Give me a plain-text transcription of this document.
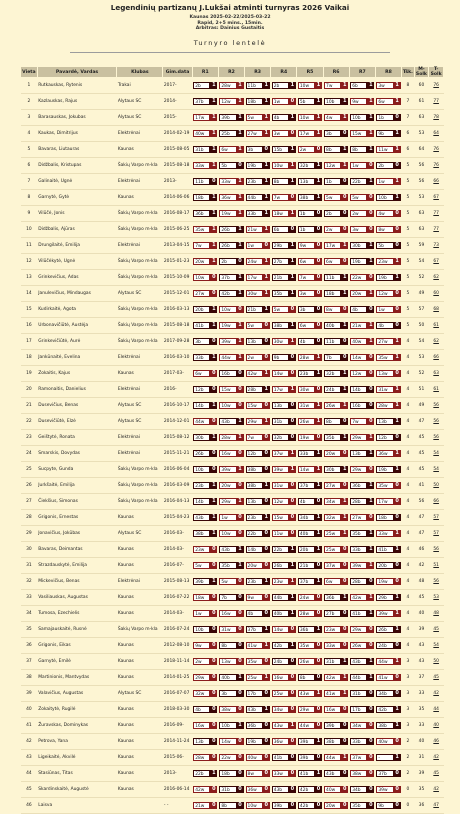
Legendinių partizanų J.Lukšai atminti turnyras 2026 Vaikai
Kaunas 2025-02-22/2025-03-22
Rapid, 2+5 mins., 15min.
Arbitras: Dainius Gustaitis
Turnyro lentelė
Vieta	Pavardė, Vardas	Klubas	Gim.data	R1	R2	R3	R4	R5	R6	R7	R8	Tšk.	M-Solk	T-Solk
1	Rutkauskas, Rytenis	Trakai	2017-	2b 1	28w 1	11b 1	2b 1	10w 1	7w 1	6b 1	3w 1	8	60	76
2	Kazlauskas, Rajus	Alytaus SC	2014-	37b 1	12w 1	18b 1	1w 0	5b 1	10b 1	9w 1	6w 1	7	61	77
3	Barasauskas, Jokubas	Alytaus SC	2015-	17w 1	39b 1	5w 1	4b 1	10w 1	4w 1	10b 1	1b 0	7	63	78
4	Kaukas, Dimitrijus	Elektrėnai	2014-02-19	40w 1	25b 1	27w 1	3w 0	17w 1	3b 0	15w 1	9b 1	6	53	64
5	Bavaras, Liutauras	Kaunas	2015-08-05	31b 1	6w 1	3b 0	15b 1	2w 0	8b 1	8b 1	11w 1	6	64	76
6	Didžbalis, Kristupas	Šakių Varpo m-kla	2015-08-18	33w 1	5b 0	19b 1	10w 1	32b 1	12w 1	1w 0	2b 0	5	56	76
7	Galinaitė, Ugnė	Elektrėnai	2013-	11b 0	33w 1	23b 1	8b 1	13b 1	1b 0	22b 1	1w 1	5	56	66
8	Garnytė, Gytė	Kaunas	2014-06-06	18b 1	36w 1	44b 1	7w 0	38b 1	5w 0	5w 0	10b 1	5	53	67
9	Vilūčė, Jonis	Šakių Varpo m-kla	2016-08-17	36b 1	19w 1	33b 1	18w 1	1b 0	2b 0	2w 0	4w 0	5	63	77
10	Didžbalis, Ajūras	Šakių Varpo m-kla	2015-06-25	35w 1	26b 1	21w 1	6b 0	1b 0	2w 0	3w 0	8w 0	5	63	77
11	Drungilaitė, Emilija	Elektrėnai	2013-04-15	7w 1	26b 1	1w 0	29b 1	9w 0	17w 1	30b 1	5b 0	5	59	73
12	Vilūčėkytė, Ugnė	Šakių Varpo m-kla	2015-01-23	20w 1	2b 0	24w 1	27b 1	6w 0	6w 0	19b 1	23w 1	5	54	67
13	Grinkevičius, Adas	Šakių Varpo m-kla	2015-10-09	10w 0	37b 1	17w 1	21b 1	7w 0	11b 1	22w 0	19b 1	5	52	62
14	Janulevičius, Mindaugas	Alytaus SC	2015-12-01	27w 0	42b 1	30w 1	35b 1	3w 0	18b 1	20w 1	12w 0	5	49	60
15	Kudirkaitė, Agota	Šakių Varpo m-kla	2016-03-13	20b 1	10w 0	21b 1	5w 0	3b 0	8w 0	4b 0	1w 0	5	57	68
16	Urbonavičiūtė, Austėja	Šakių Varpo m-kla	2015-08-18	41b 1	19w 1	5w 0	38b 1	6w 0	40b 1	21w 1	4b 0	5	50	61
17	Grinkevičiūtė, Aurė	Šakių Varpo m-kla	2017-09-28	3b 0	39w 1	13b 0	30w 1	4b 0	11b 0	40w 1	27w 1	4	54	62
18	Jankūnaitė, Evelina	Elektrėnai	2016-03-10	33b 1	44w 1	2w 0	9b 0	28w 1	7b 0	14w 0	35w 1	4	53	66
19	Zokaitis, Kajus	Kaunas	2017-03-	6w 0	16b 0	42w 1	14w 0	23b 1	32b 1	12w 0	13w 0	4	52	63
20	Ramonaitis, Danielius	Elektrėnai	2016-	12b 0	15w 0	28b 1	17w 1	30w 0	24b 1	14b 0	31w 1	4	51	61
21	Dusevičius, Benas	Alytaus SC	2016-10-17	14b 1	10w 0	15w 0	13b 0	31w 1	26w 1	16b 0	28w 1	4	49	56
22	Dusevičiūtė, Elzė	Alytaus SC	2014-12-01	44w 0	43b 1	29w 1	31b 0	26w 1	8b 0	7w 0	13b 1	4	47	56
23	Geištytė, Ronata	Elektrėnai	2015-08-12	30b 1	28w 1	7w 0	32b 0	19w 0	35b 1	29w 1	12b 0	4	45	56
24	Smarskis, Dovydas	Elektrėnai	2015-11-21	26b 0	16w 0	12b 0	37w 1	33b 1	20w 0	13b 1	36w 1	4	45	54
25	Sucpyte, Gunda	Šakių Varpo m-kla	2016-06-04	10b 0	39w 1	38b 0	39w 1	14w 1	30b 1	29w 0	19b 1	4	45	54
26	Jurkšaitė, Emilija	Šakių Varpo m-kla	2016-03-09	23b 1	20w 0	38b 1	31w 0	37b 1	27w 0	36b 1	35w 0	4	41	50
27	Čiekšius, Simonas	Šakių Varpo m-kla	2016-04-13	14b 1	29w 1	13b 0	12w 0	4b 0	34w 1	28b 1	17w 0	4	56	66
28	Grigonis, Ernestas	Kaunas	2015-04-23	43b 1	1w 0	23b 1	15w 0	34b 1	32w 1	27w 0	18b 0	4	47	57
29	Jonavičius, Jokūbas	Alytaus SC	2016-03-	38b 1	10w 0	22b 0	11w 0	40b 1	25w 1	35b 1	33w 1	4	47	57
30	Bavaras, Deimantas	Kaunas	2014-03-	23w 0	43b 1	14b 0	22b 1	20b 1	25w 0	33b 1	41b 1	4	46	56
31	Strazdauskytė, Emilija	Kaunas	2016-07-	5w 0	35b 1	20w 0	26b 1	21b 0	37w 0	39w 1	20b 0	4	42	51
32	Mickevičius, Benas	Elektrėnai	2015-08-13	39b 1	5w 0	23b 1	23w 1	37b 1	6w 0	28b 0	19w 0	4	48	56
33	Vasiliauskas, Augustas	Kaunas	2016-07-22	18w 0	7b 0	9w 0	44b 1	24w 0	36b 1	42w 1	29b 1	4	45	53
34	Tumosa, Ezechielis	Kaunas	2014-03-	1w 0	16w 0	4b 0	40b 1	28w 0	27b 0	41b 1	39w 1	4	40	48
35	Samajauskaitė, Rusnė	Šakių Varpo m-kla	2016-07-24	10b 0	31w 0	37b 1	14w 0	36b 1	23w 0	29w 0	26b 1	4	39	45
36	Grigonis, Eikas	Kaunas	2012-08-10	9w 0	8b 0	41w 1	42b 1	35w 0	33w 0	26w 0	24b 0	4	43	54
37	Garnytė, Emilė	Kaunas	2018-11-14	2w 0	13w 0	35w 0	24b 0	26w 0	31b 1	43b 1	44w 1	3	43	50
38	Martinionis, Mantvydas	Kaunas	2014-01-25	29w 0	40b 1	25w 1	16w 0	8b 0	42w 1	44b 1	41w 0	3	37	45
39	Valavičius, Augustas	Alytaus SC	2016-07-07	32w 0	3b 0	17b 0	25w 0	43w 1	41w 1	31b 0	34b 0	3	33	42
40	Zokaitytė, Rugilė	Kaunas	2018-03-30	4b 0	38w 0	43b 1	34w 0	29w 0	16w 0	17b 0	42b 1	3	35	44
41	Žuravskas, Dominykas	Kaunas	2016-09-	16w 0	10b 1	36b 0	43w 1	44w 0	39b 0	34w 0	38b 1	3	33	40
42	Petrova, Yana	Kaunas	2014-11-24	13b 0	14w 0	19b 0	36w 0	39b 1	38b 0	33b 0	40w 0	2	40	46
43	Ligeikaitė, Akvilė	Kaunas	2015-06-	28w 0	22w 0	40w 0	41b 0	39b 0	44w 1	37w 0	- 1	2	31	42
44	Stasiūnas, Titas	Kaunas	2013-	22b 1	18b 0	8w 0	33w 0	41b 1	43b 0	38w 0	37b 0	2	39	45
45	Skardinskaitė, Augustė	Kaunas	2016-06-14	42w 0	31b 0	36w 0	43b 0	42b 0	40w 0	34b 0	39w 0	0	35	42
46	Laisva		- -	21w 0	8b 0	10w 0	39b 0	42b 0	20w 0	35b 0	9b 0	0	36	47
